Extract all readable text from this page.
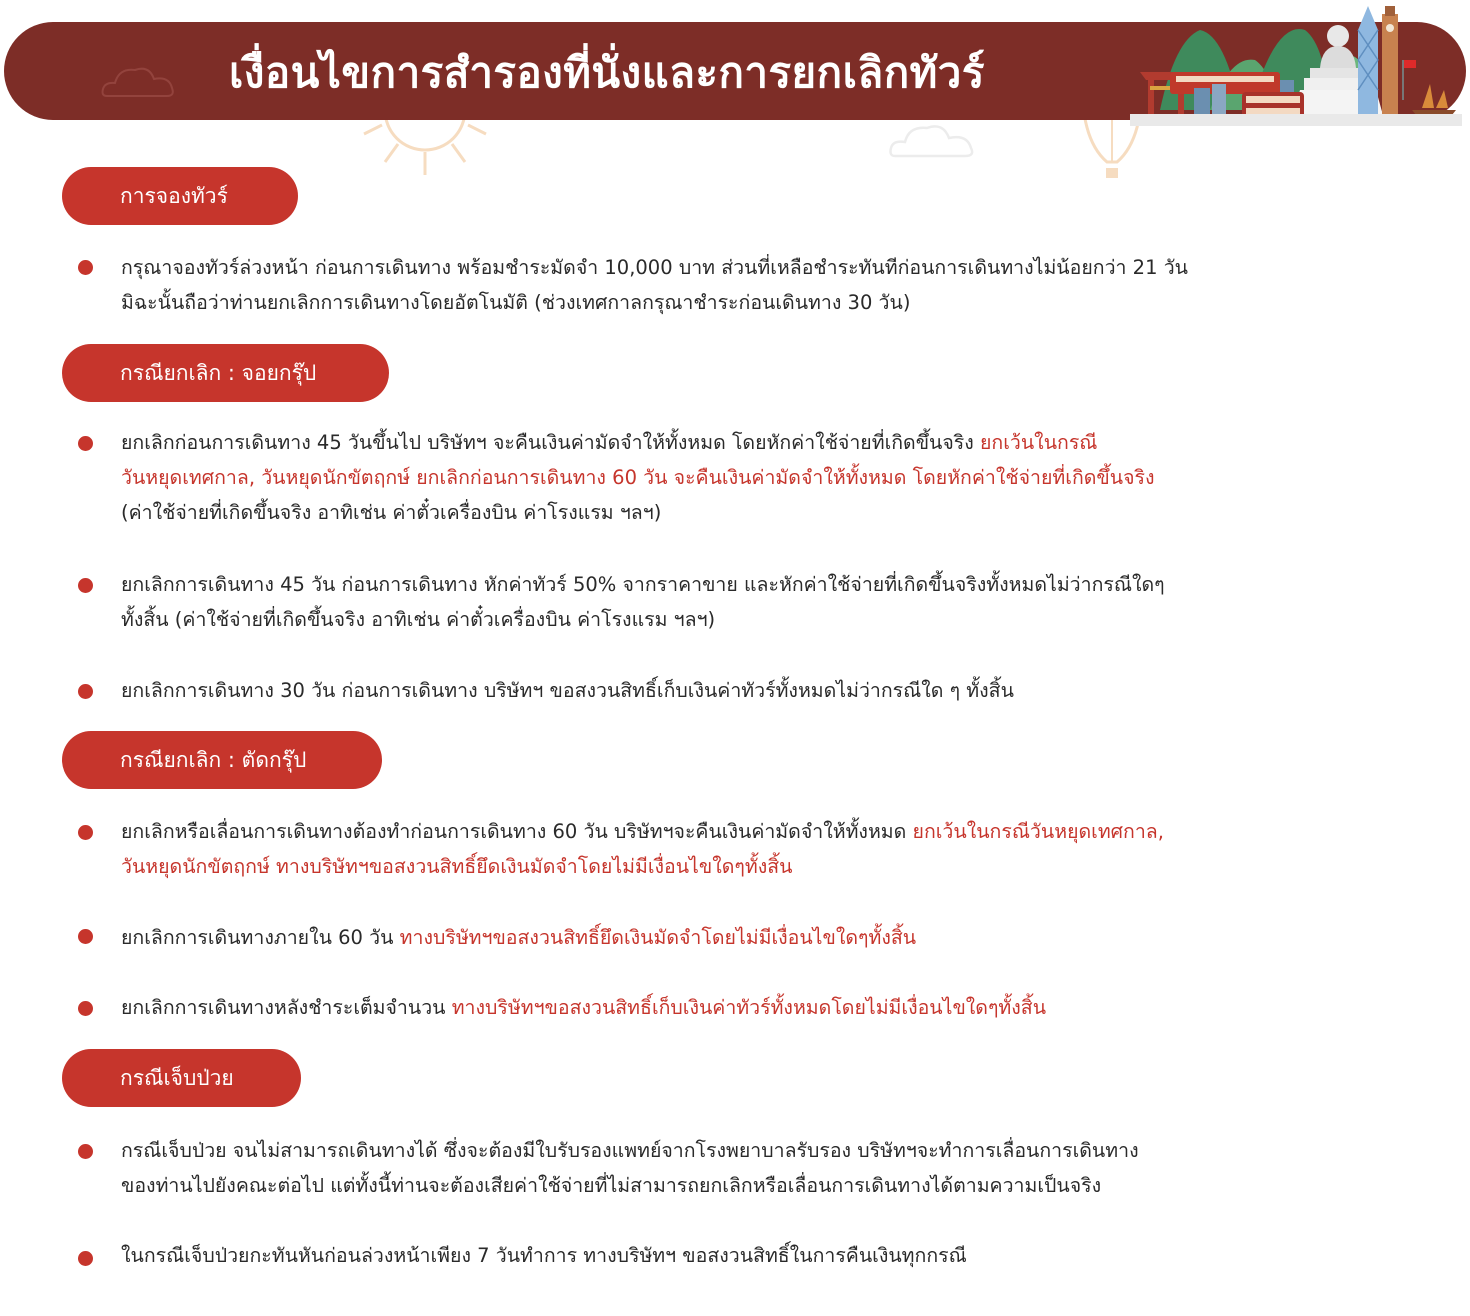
เงื่อนไขการสำรองที่นั่งและการยกเลิกทัวร์
การจองทัวร์
กรุณาจองทัวร์ล่วงหน้า ก่อนการเดินทาง พร้อมชำระมัดจำ 10,000 บาท ส่วนที่เหลือชำระทันทีก่อนการเดินทางไม่น้อยกว่า 21 วัน
มิฉะนั้นถือว่าท่านยกเลิกการเดินทางโดยอัตโนมัติ (ช่วงเทศกาลกรุณาชำระก่อนเดินทาง 30 วัน)
กรณียกเลิก : จอยกรุ๊ป
ยกเลิกก่อนการเดินทาง 45 วันขึ้นไป บริษัทฯ จะคืนเงินค่ามัดจำให้ทั้งหมด โดยหักค่าใช้จ่ายที่เกิดขึ้นจริง ยกเว้นในกรณี
วันหยุดเทศกาล, วันหยุดนักขัตฤกษ์ ยกเลิกก่อนการเดินทาง 60 วัน จะคืนเงินค่ามัดจำให้ทั้งหมด โดยหักค่าใช้จ่ายที่เกิดขึ้นจริง
(ค่าใช้จ่ายที่เกิดขึ้นจริง อาทิเช่น ค่าตั๋วเครื่องบิน ค่าโรงแรม ฯลฯ)
ยกเลิกการเดินทาง 45 วัน ก่อนการเดินทาง หักค่าทัวร์ 50% จากราคาขาย และหักค่าใช้จ่ายที่เกิดขึ้นจริงทั้งหมดไม่ว่ากรณีใดๆ
ทั้งสิ้น (ค่าใช้จ่ายที่เกิดขึ้นจริง อาทิเช่น ค่าตั๋วเครื่องบิน ค่าโรงแรม ฯลฯ)
ยกเลิกการเดินทาง 30 วัน ก่อนการเดินทาง บริษัทฯ ขอสงวนสิทธิ์เก็บเงินค่าทัวร์ทั้งหมดไม่ว่ากรณีใด ๆ ทั้งสิ้น
กรณียกเลิก : ตัดกรุ๊ป
ยกเลิกหรือเลื่อนการเดินทางต้องทำก่อนการเดินทาง 60 วัน บริษัทฯจะคืนเงินค่ามัดจำให้ทั้งหมด ยกเว้นในกรณีวันหยุดเทศกาล,
วันหยุดนักขัตฤกษ์ ทางบริษัทฯขอสงวนสิทธิ์ยึดเงินมัดจำโดยไม่มีเงื่อนไขใดๆทั้งสิ้น
ยกเลิกการเดินทางภายใน 60 วัน ทางบริษัทฯขอสงวนสิทธิ์ยึดเงินมัดจำโดยไม่มีเงื่อนไขใดๆทั้งสิ้น
ยกเลิกการเดินทางหลังชำระเต็มจำนวน ทางบริษัทฯขอสงวนสิทธิ์เก็บเงินค่าทัวร์ทั้งหมดโดยไม่มีเงื่อนไขใดๆทั้งสิ้น
กรณีเจ็บป่วย
กรณีเจ็บป่วย จนไม่สามารถเดินทางได้ ซึ่งจะต้องมีใบรับรองแพทย์จากโรงพยาบาลรับรอง บริษัทฯจะทำการเลื่อนการเดินทาง
ของท่านไปยังคณะต่อไป แต่ทั้งนี้ท่านจะต้องเสียค่าใช้จ่ายที่ไม่สามารถยกเลิกหรือเลื่อนการเดินทางได้ตามความเป็นจริง
ในกรณีเจ็บป่วยกะทันหันก่อนล่วงหน้าเพียง 7 วันทำการ ทางบริษัทฯ ขอสงวนสิทธิ์ในการคืนเงินทุกกรณี
